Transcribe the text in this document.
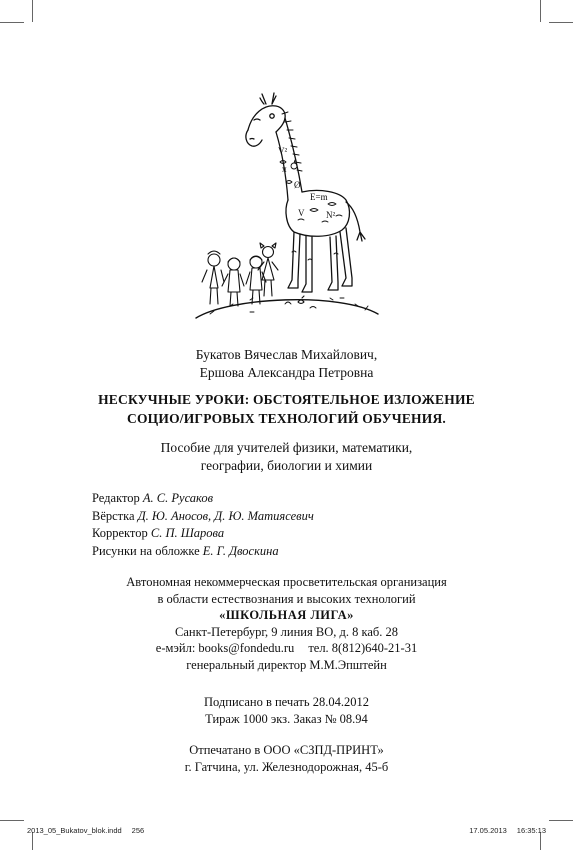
V²
π
Ø
E=m
V N²
Букатов Вячеслав Михайлович,
Ершова Александра Петровна
НЕСКУЧНЫЕ УРОКИ: ОБСТОЯТЕЛЬНОЕ ИЗЛОЖЕНИЕ
СОЦИО/ИГРОВЫХ ТЕХНОЛОГИЙ ОБУЧЕНИЯ.
Пособие для учителей физики, математики,
географии, биологии и химии
Редактор А. С. Русаков
Вёрстка Д. Ю. Аносов, Д. Ю. Матиясевич
Корректор С. П. Шарова
Рисунки на обложке Е. Г. Двоскина
Автономная некоммерческая просветительская организация
в области естествознания и высоких технологий
«ШКОЛЬНАЯ ЛИГА»
Санкт-Петербург, 9 линия ВО, д. 8 каб. 28
е-мэйл: books@fondedu.ru тел. 8(812)640-21-31
генеральный директор М.М.Эпштейн
Подписано в печать 28.04.2012
Тираж 1000 экз. Заказ № 08.94
Отпечатано в ООО «СЗПД-ПРИНТ»
г. Гатчина, ул. Железнодорожная, 45-б
2013_05_Bukatov_blok.indd 256	17.05.2013 16:35:13
